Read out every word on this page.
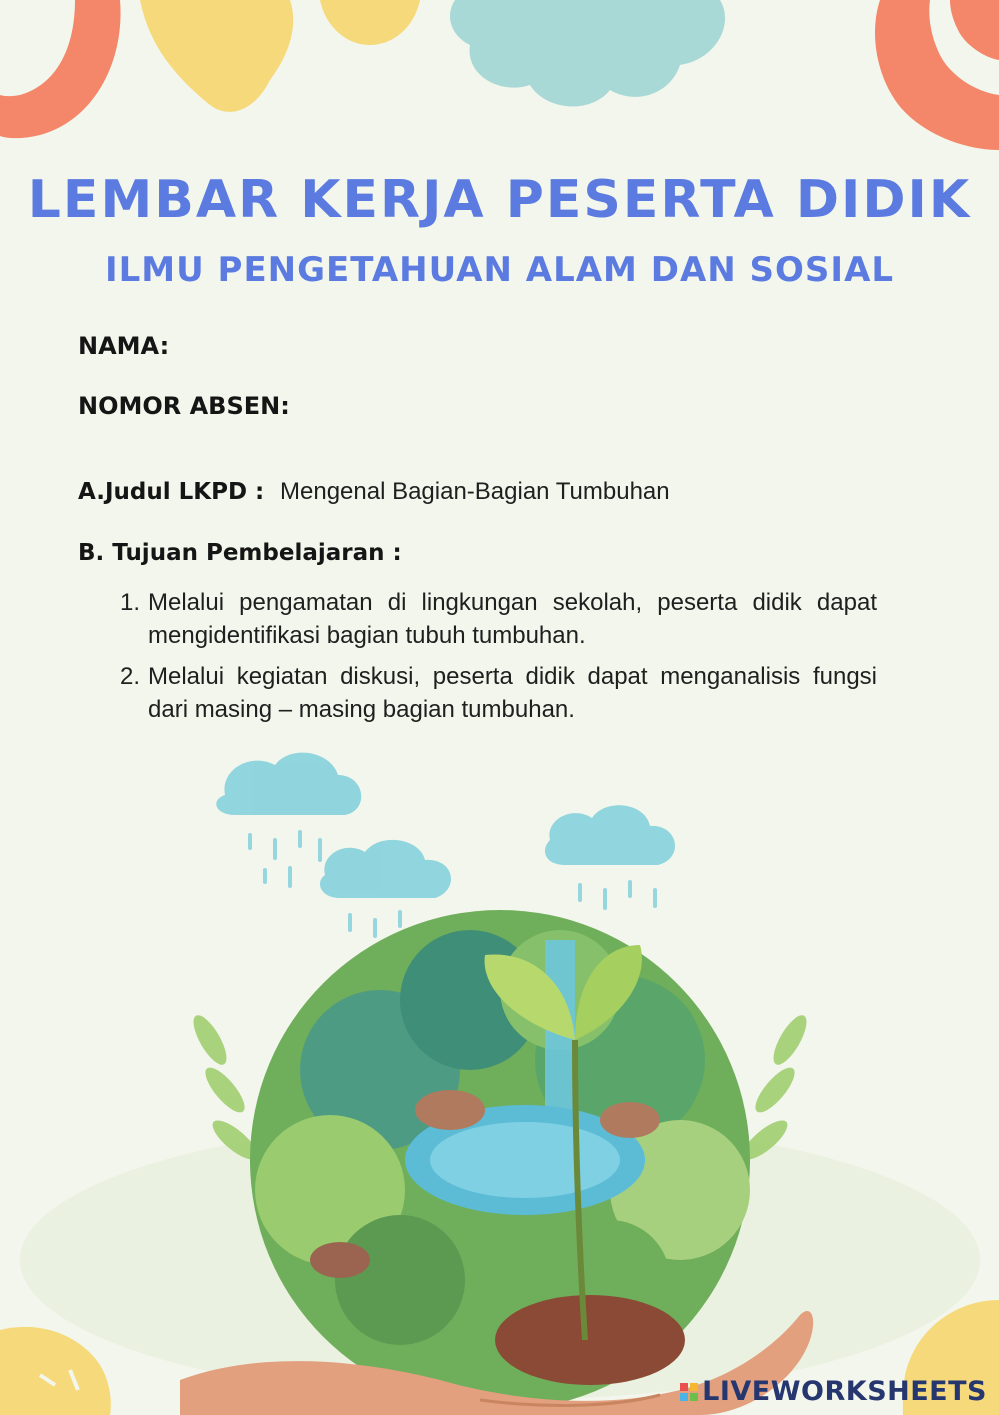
LEMBAR KERJA PESERTA DIDIK
ILMU PENGETAHUAN ALAM DAN SOSIAL
NAMA:
NOMOR ABSEN:
A.Judul LKPD : Mengenal Bagian-Bagian Tumbuhan
B. Tujuan Pembelajaran :
1. Melalui pengamatan di lingkungan sekolah, peserta didik dapat mengidentifikasi bagian tubuh tumbuhan.
2. Melalui kegiatan diskusi, peserta didik dapat menganalisis fungsi dari masing – masing bagian tumbuhan.
LIVEWORKSHEETS
